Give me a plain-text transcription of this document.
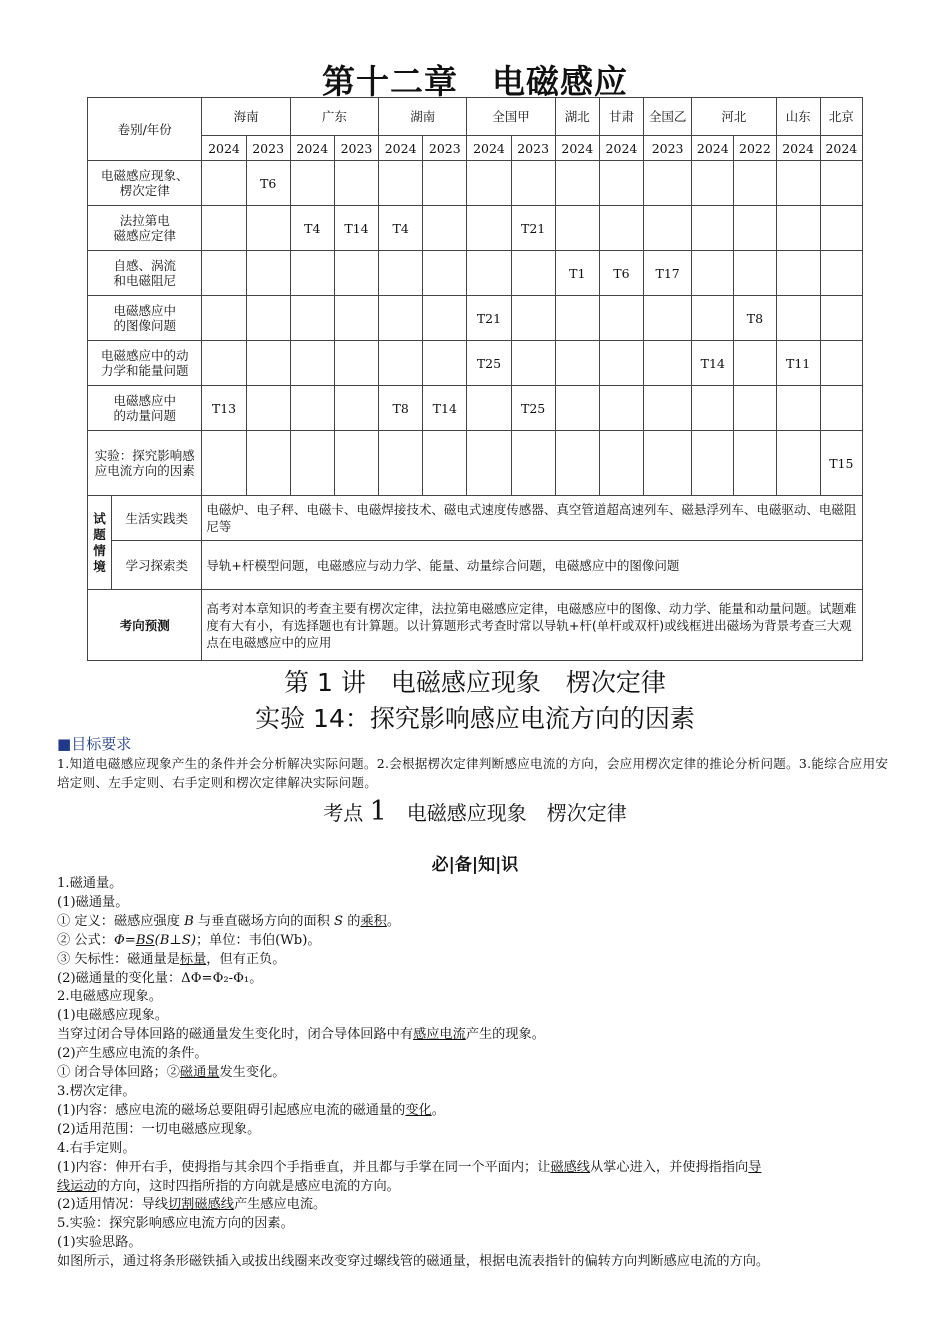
第十二章　电磁感应
卷别/年份		海南		广东		湖南		全国甲		湖北	甘肃	全国乙	河北		山东	北京
		2024	2023	2024	2023	2024	2023	2024	2023	2024	2024	2023	2024	2022	2024	2024
电磁感应现象、
楞次定律			T6													
法拉第电
磁感应定律				T4	T14	T4			T21							
自感、涡流
和电磁阻尼										T1	T6	T17				
电磁感应中
的图像问题								T21						T8		
电磁感应中的动
力学和能量问题								T25					T14		T11	
电磁感应中
的动量问题		T13				T8	T14		T25							
实验：探究影响感
应电流方向的因素																T15
试题情境	生活实践类	电磁炉、电子秤、电磁卡、电磁焊接技术、磁电式速度传感器、真空管道超高速列车、磁悬浮列车、电磁驱动、电磁阻尼等														
	学习探索类	导轨+杆模型问题，电磁感应与动力学、能量、动量综合问题，电磁感应中的图像问题														
考向预测		高考对本章知识的考查主要有楞次定律，法拉第电磁感应定律，电磁感应中的图像、动力学、能量和动量问题。试题难度有大有小，有选择题也有计算题。以计算题形式考查时常以导轨+杆(单杆或双杆)或线框进出磁场为背景考查三大观点在电磁感应中的应用														
第 1 讲　电磁感应现象　楞次定律
实验 14：探究影响感应电流方向的因素
■目标要求
1.知道电磁感应现象产生的条件并会分析解决实际问题。2.会根据楞次定律判断感应电流的方向，会应用楞次定律的推论分析问题。3.能综合应用安培定则、左手定则、右手定则和楞次定律解决实际问题。
考点 1　 电磁感应现象　楞次定律
必|备|知|识
1.磁通量。
(1)磁通量。
① 定义：磁感应强度 B 与垂直磁场方向的面积 S 的乘积。
② 公式：Φ=BS(B⊥S)；单位：韦伯(Wb)。
③ 矢标性：磁通量是标量，但有正负。
(2)磁通量的变化量：ΔΦ=Φ₂-Φ₁。
2.电磁感应现象。
(1)电磁感应现象。
当穿过闭合导体回路的磁通量发生变化时，闭合导体回路中有感应电流产生的现象。
(2)产生感应电流的条件。
① 闭合导体回路；②磁通量发生变化。
3.楞次定律。
(1)内容：感应电流的磁场总要阻碍引起感应电流的磁通量的变化。
(2)适用范围：一切电磁感应现象。
4.右手定则。
(1)内容：伸开右手，使拇指与其余四个手指垂直，并且都与手掌在同一个平面内；让磁感线从掌心进入，并使拇指指向导
线运动的方向，这时四指所指的方向就是感应电流的方向。
(2)适用情况：导线切割磁感线产生感应电流。
5.实验：探究影响感应电流方向的因素。
(1)实验思路。
如图所示，通过将条形磁铁插入或拔出线圈来改变穿过螺线管的磁通量，根据电流表指针的偏转方向判断感应电流的方向。
